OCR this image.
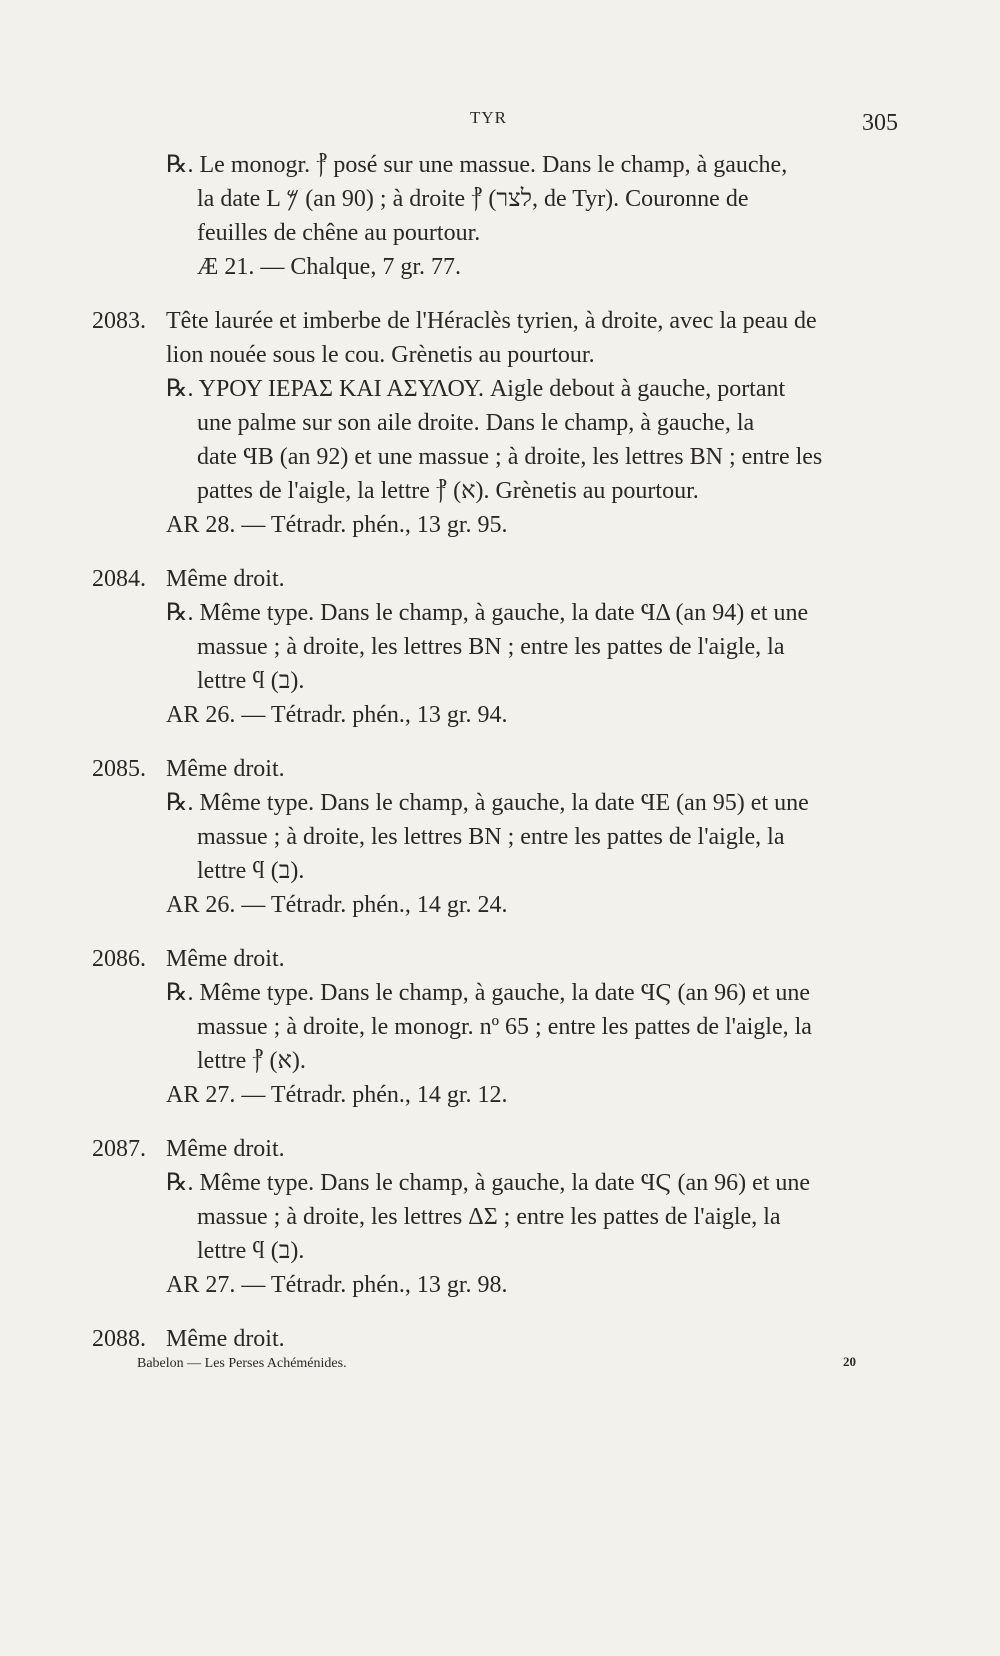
TYR	305
℞. Le monogr. ⳨ posé sur une massue. Dans le champ, à gauche,
la date L 𐤌 (an 90) ; à droite ⳨ (לצר, de Tyr). Couronne de
feuilles de chêne au pourtour.
Æ 21. — Chalque, 7 gr. 77.
2083. Tête laurée et imberbe de l'Héraclès tyrien, à droite, avec la peau de
lion nouée sous le cou. Grènetis au pourtour.
℞. ΥΡΟΥ ΙΕΡΑΣ ΚΑΙ ΑΣΥΛΟΥ. Aigle debout à gauche, portant
une palme sur son aile droite. Dans le champ, à gauche, la
date ϤΒ (an 92) et une massue ; à droite, les lettres BN ; entre les
pattes de l'aigle, la lettre ⳨ (א). Grènetis au pourtour.
AR 28. — Tétradr. phén., 13 gr. 95.
2084. Même droit.
℞. Même type. Dans le champ, à gauche, la date ϤΔ (an 94) et une
massue ; à droite, les lettres BN ; entre les pattes de l'aigle, la
lettre ϥ (ב).
AR 26. — Tétradr. phén., 13 gr. 94.
2085. Même droit.
℞. Même type. Dans le champ, à gauche, la date ϤΕ (an 95) et une
massue ; à droite, les lettres BN ; entre les pattes de l'aigle, la
lettre ϥ (ב).
AR 26. — Tétradr. phén., 14 gr. 24.
2086. Même droit.
℞. Même type. Dans le champ, à gauche, la date ϤϚ (an 96) et une
massue ; à droite, le monogr. nº 65 ; entre les pattes de l'aigle, la
lettre ⳨ (א).
AR 27. — Tétradr. phén., 14 gr. 12.
2087. Même droit.
℞. Même type. Dans le champ, à gauche, la date ϤϚ (an 96) et une
massue ; à droite, les lettres ΔΣ ; entre les pattes de l'aigle, la
lettre ϥ (ב).
AR 27. — Tétradr. phén., 13 gr. 98.
2088. Même droit.
Babelon — Les Perses Achéménides.	20
